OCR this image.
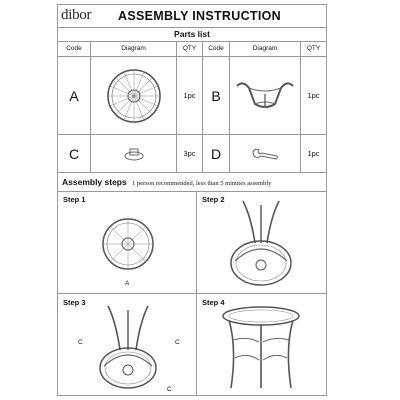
dibor ASSEMBLY INSTRUCTION
Parts list
Code	Diagram	QTY	Code	Diagram	QTY
A	1pc	B	1pc
C	3pc	D	1pc
Assembly steps 1 person recommended, less than 5 minutes assembly
Step 1
A
Step 2
Step 3
C	C
C
Step 4
